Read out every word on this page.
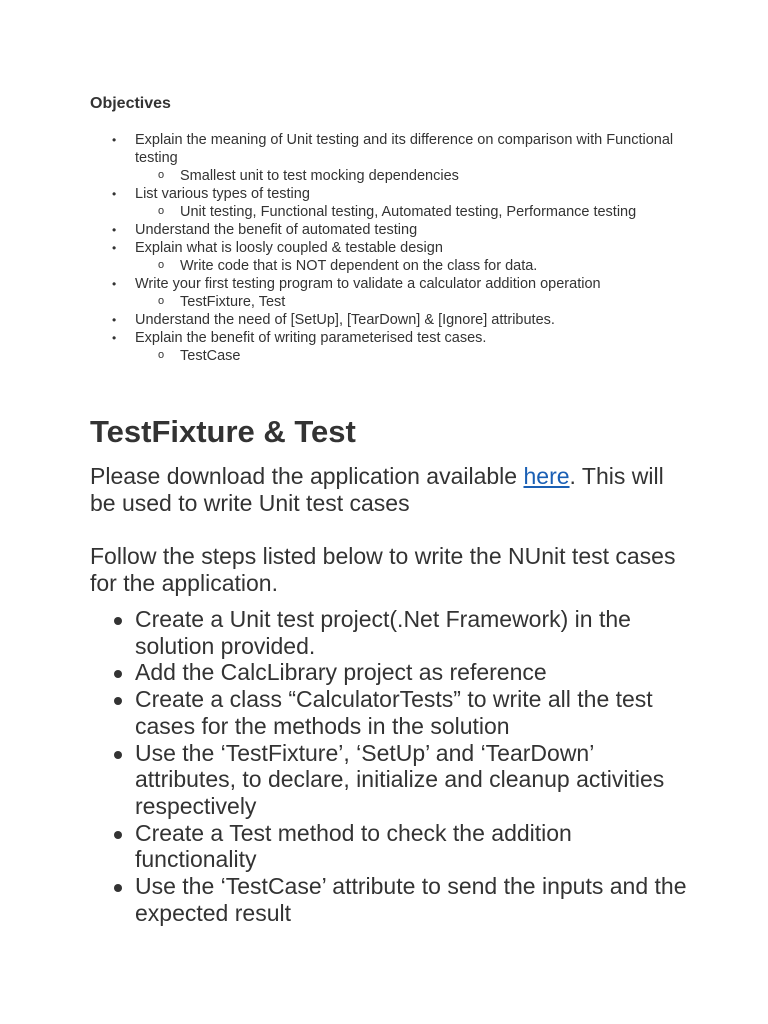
Objectives
• Explain the meaning of Unit testing and its difference on comparison with Functional testing
o Smallest unit to test mocking dependencies
• List various types of testing
o Unit testing, Functional testing, Automated testing, Performance testing
• Understand the benefit of automated testing
• Explain what is loosly coupled & testable design
o Write code that is NOT dependent on the class for data.
• Write your first testing program to validate a calculator addition operation
o TestFixture, Test
• Understand the need of [SetUp], [TearDown] & [Ignore] attributes.
• Explain the benefit of writing parameterised test cases.
o TestCase
TestFixture & Test

Please download the application available here. This will be used to write Unit test cases

Follow the steps listed below to write the NUnit test cases for the application.

Create a Unit test project(.Net Framework) in the solution provided.
Add the CalcLibrary project as reference
Create a class “CalculatorTests” to write all the test cases for the methods in the solution
Use the ‘TestFixture’, ‘SetUp’ and ‘TearDown’ attributes, to declare, initialize and cleanup activities respectively
Create a Test method to check the addition functionality
Use the ‘TestCase’ attribute to send the inputs and the expected result
